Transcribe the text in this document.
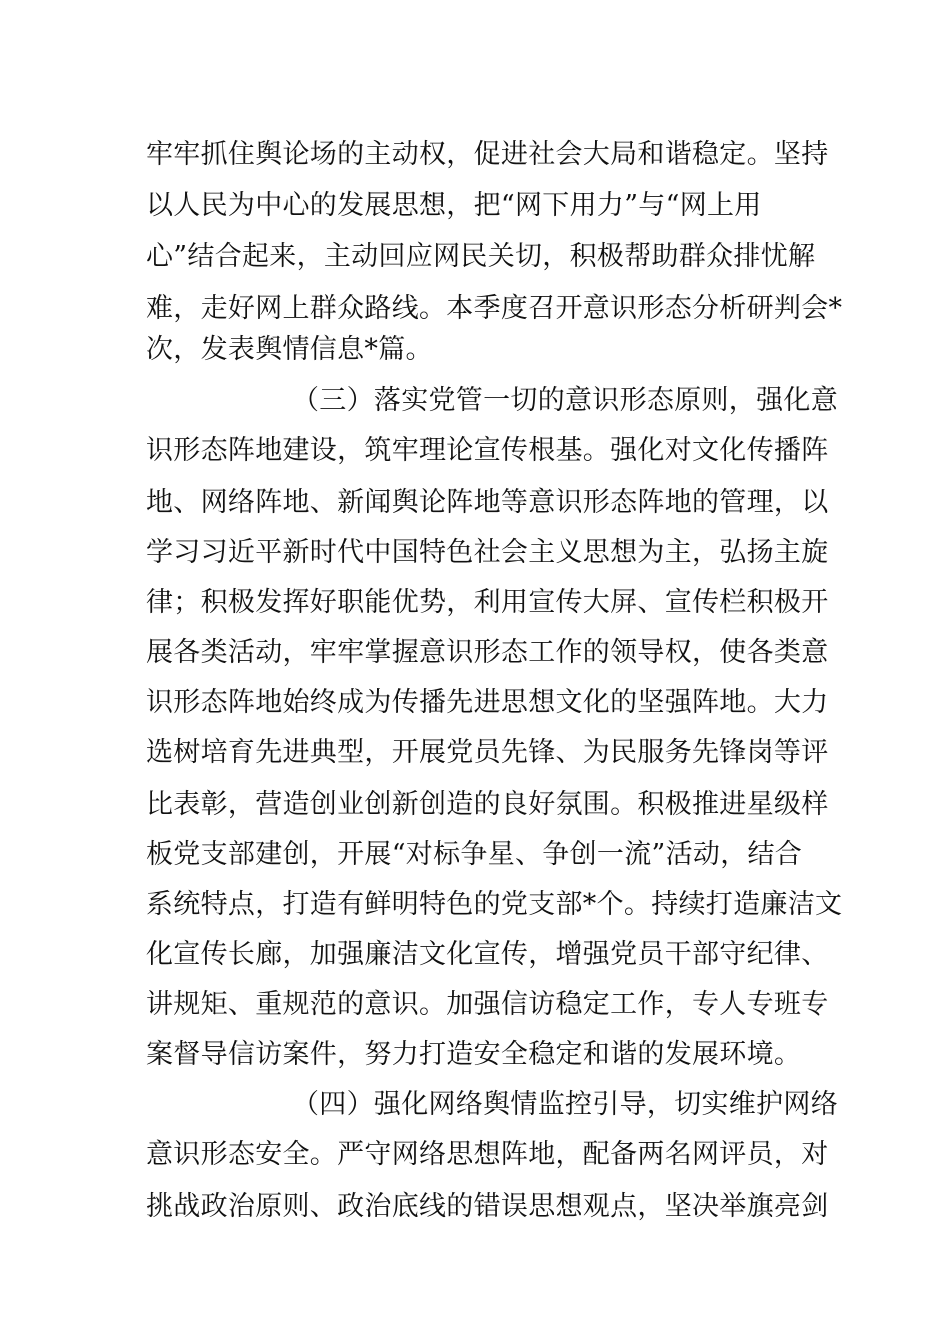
牢牢抓住舆论场的主动权，促进社会大局和谐稳定。坚持
以人民为中心的发展思想，把“网下用力”与“网上用
心”结合起来，主动回应网民关切，积极帮助群众排忧解
难，走好网上群众路线。本季度召开意识形态分析研判会*
次，发表舆情信息*篇。
（三）落实党管一切的意识形态原则，强化意
识形态阵地建设，筑牢理论宣传根基。强化对文化传播阵
地、网络阵地、新闻舆论阵地等意识形态阵地的管理，以
学习习近平新时代中国特色社会主义思想为主，弘扬主旋
律；积极发挥好职能优势，利用宣传大屏、宣传栏积极开
展各类活动，牢牢掌握意识形态工作的领导权，使各类意
识形态阵地始终成为传播先进思想文化的坚强阵地。大力
选树培育先进典型，开展党员先锋、为民服务先锋岗等评
比表彰，营造创业创新创造的良好氛围。积极推进星级样
板党支部建创，开展“对标争星、争创一流”活动，结合
系统特点，打造有鲜明特色的党支部*个。持续打造廉洁文
化宣传长廊，加强廉洁文化宣传，增强党员干部守纪律、
讲规矩、重规范的意识。加强信访稳定工作，专人专班专
案督导信访案件，努力打造安全稳定和谐的发展环境。
（四）强化网络舆情监控引导，切实维护网络
意识形态安全。严守网络思想阵地，配备两名网评员，对
挑战政治原则、政治底线的错误思想观点，坚决举旗亮剑
